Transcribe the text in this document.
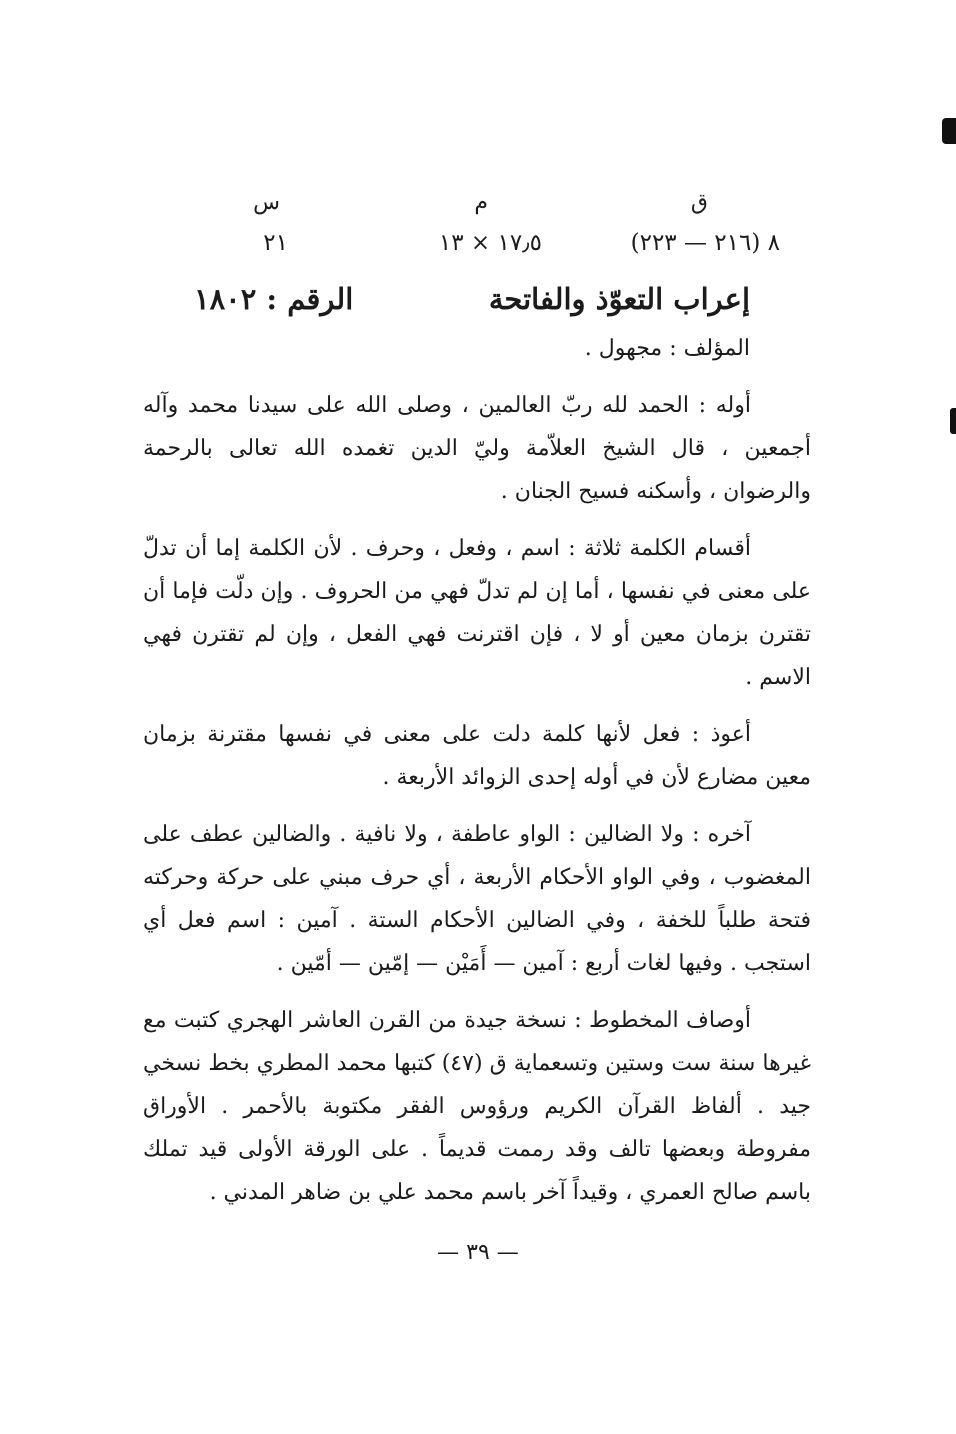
ق
م
س
٨ (٢١٦ — ٢٢٣)
١٧٫٥ × ١٣
٢١
إعراب التعوّذ والفاتحة
الرقم : ١٨٠٢
المؤلف : مجهول .

أوله : الحمد لله ربّ العالمين ، وصلى الله على سيدنا محمد وآله أجمعين ، قال الشيخ العلاّمة وليّ الدين تغمده الله تعالى بالرحمة والرضوان ، وأسكنه فسيح الجنان .

أقسام الكلمة ثلاثة : اسم ، وفعل ، وحرف . لأن الكلمة إما أن تدلّ على معنى في نفسها ، أما إن لم تدلّ فهي من الحروف . وإن دلّت فإما أن تقترن بزمان معين أو لا ، فإن اقترنت فهي الفعل ، وإن لم تقترن فهي الاسم .

أعوذ : فعل لأنها كلمة دلت على معنى في نفسها مقترنة بزمان معين مضارع لأن في أوله إحدى الزوائد الأربعة .

آخره : ولا الضالين : الواو عاطفة ، ولا نافية . والضالين عطف على المغضوب ، وفي الواو الأحكام الأربعة ، أي حرف مبني على حركة وحركته فتحة طلباً للخفة ، وفي الضالين الأحكام الستة . آمين : اسم فعل أي استجب . وفيها لغات أربع : آمين — أَمَيْن — إمّين — أمّين .

أوصاف المخطوط : نسخة جيدة من القرن العاشر الهجري كتبت مع غيرها سنة ست وستين وتسعماية ق (٤٧) كتبها محمد المطري بخط نسخي جيد . ألفاظ القرآن الكريم ورؤوس الفقر مكتوبة بالأحمر . الأوراق مفروطة وبعضها تالف وقد رممت قديماً . على الورقة الأولى قيد تملك باسم صالح العمري ، وقيداً آخر باسم محمد علي بن ضاهر المدني .

— ٣٩ —
